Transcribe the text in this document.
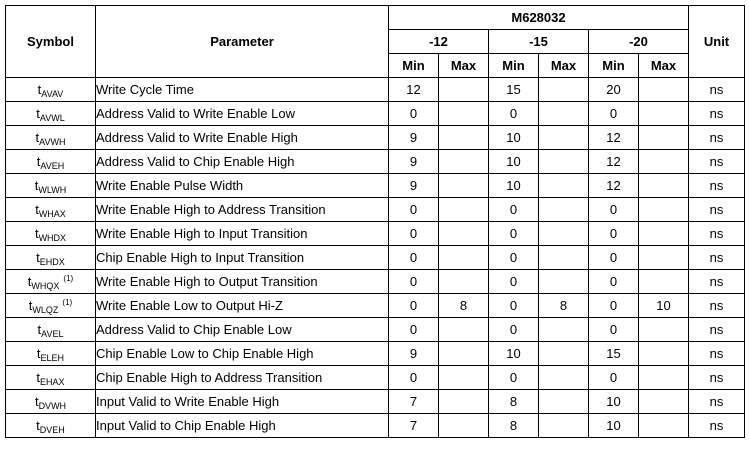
Symbol	Parameter	M628032						Unit
		-12		-15		-20		
		Min	Max	Min	Max	Min	Max	
$t_{AVAV}$	Write Cycle Time	12		15		20		ns
$t_{AVWL}$	Address Valid to Write Enable Low	0		0		0		ns
$t_{AVWH}$	Address Valid to Write Enable High	9		10		12		ns
$t_{AVEH}$	Address Valid to Chip Enable High	9		10		12		ns
$t_{WLWH}$	Write Enable Pulse Width	9		10		12		ns
$t_{WHAX}$	Write Enable High to Address Transition	0		0		0		ns
$t_{WHDX}$	Write Enable High to Input Transition	0		0		0		ns
$t_{EHDX}$	Chip Enable High to Input Transition	0		0		0		ns
$t_{WHQX}^{(1)}$	Write Enable High to Output Transition	0		0		0		ns
$t_{WLQZ}^{(1)}$	Write Enable Low to Output Hi-Z	0	8	0	8	0	10	ns
$t_{AVEL}$	Address Valid to Chip Enable Low	0		0		0		ns
$t_{ELEH}$	Chip Enable Low to Chip Enable High	9		10		15		ns
$t_{EHAX}$	Chip Enable High to Address Transition	0		0		0		ns
$t_{DVWH}$	Input Valid to Write Enable High	7		8		10		ns
$t_{DVEH}$	Input Valid to Chip Enable High	7		8		10		ns
